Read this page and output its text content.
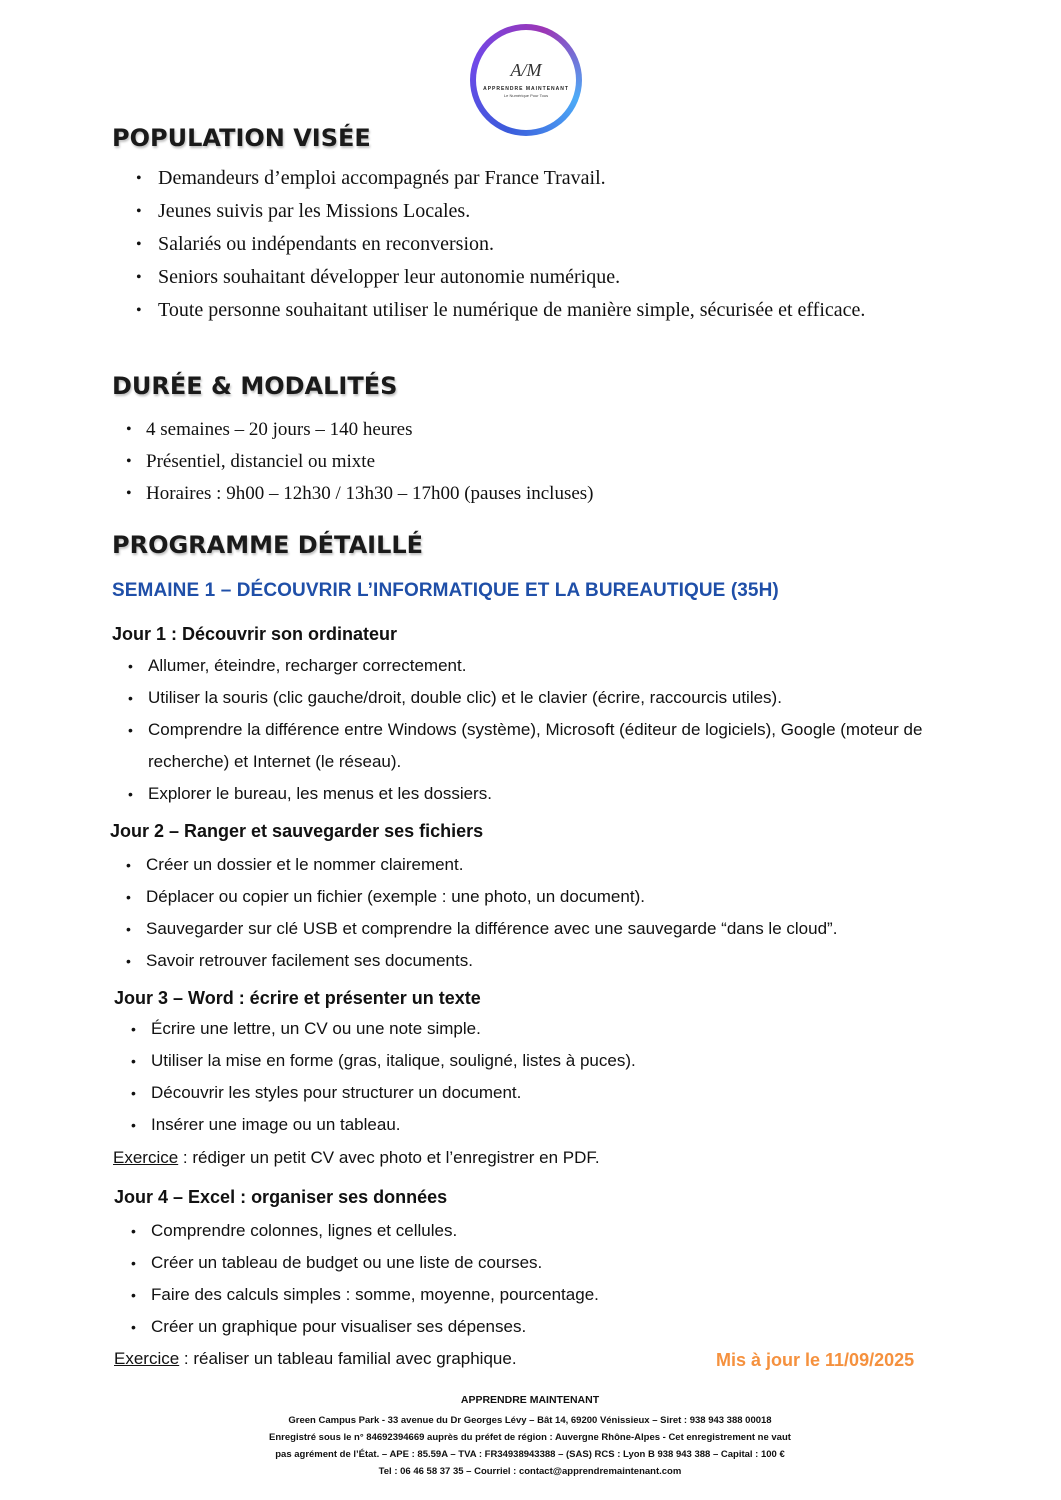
A/M
APPRENDRE MAINTENANT
Le Numérique Pour Tous
POPULATION VISÉE
• Demandeurs d’emploi accompagnés par France Travail.
• Jeunes suivis par les Missions Locales.
• Salariés ou indépendants en reconversion.
• Seniors souhaitant développer leur autonomie numérique.
• Toute personne souhaitant utiliser le numérique de manière simple, sécurisée et efficace.
DURÉE & MODALITÉS
• 4 semaines – 20 jours – 140 heures
• Présentiel, distanciel ou mixte
• Horaires : 9h00 – 12h30 / 13h30 – 17h00 (pauses incluses)
PROGRAMME DÉTAILLÉ
SEMAINE 1 – DÉCOUVRIR L’INFORMATIQUE ET LA BUREAUTIQUE (35H)
Jour 1 : Découvrir son ordinateur
• Allumer, éteindre, recharger correctement.
• Utiliser la souris (clic gauche/droit, double clic) et le clavier (écrire, raccourcis utiles).
• Comprendre la différence entre Windows (système), Microsoft (éditeur de logiciels), Google (moteur de recherche) et Internet (le réseau).
• Explorer le bureau, les menus et les dossiers.
Jour 2 – Ranger et sauvegarder ses fichiers
• Créer un dossier et le nommer clairement.
• Déplacer ou copier un fichier (exemple : une photo, un document).
• Sauvegarder sur clé USB et comprendre la différence avec une sauvegarde “dans le cloud”.
• Savoir retrouver facilement ses documents.
Jour 3 – Word : écrire et présenter un texte
• Écrire une lettre, un CV ou une note simple.
• Utiliser la mise en forme (gras, italique, souligné, listes à puces).
• Découvrir les styles pour structurer un document.
• Insérer une image ou un tableau.

Exercice : rédiger un petit CV avec photo et l’enregistrer en PDF.

Jour 4 – Excel : organiser ses données
• Comprendre colonnes, lignes et cellules.
• Créer un tableau de budget ou une liste de courses.
• Faire des calculs simples : somme, moyenne, pourcentage.
• Créer un graphique pour visualiser ses dépenses.

Exercice : réaliser un tableau familial avec graphique.	Mis à jour le 11/09/2025

APPRENDRE MAINTENANT
Green Campus Park - 33 avenue du Dr Georges Lévy – Bât 14, 69200 Vénissieux – Siret : 938 943 388 00018
Enregistré sous le n° 84692394669 auprès du préfet de région : Auvergne Rhône-Alpes - Cet enregistrement ne vaut
pas agrément de l’État. – APE : 85.59A – TVA : FR34938943388 – (SAS) RCS : Lyon B 938 943 388 – Capital : 100 €
Tel : 06 46 58 37 35 – Courriel : contact@apprendremaintenant.com
